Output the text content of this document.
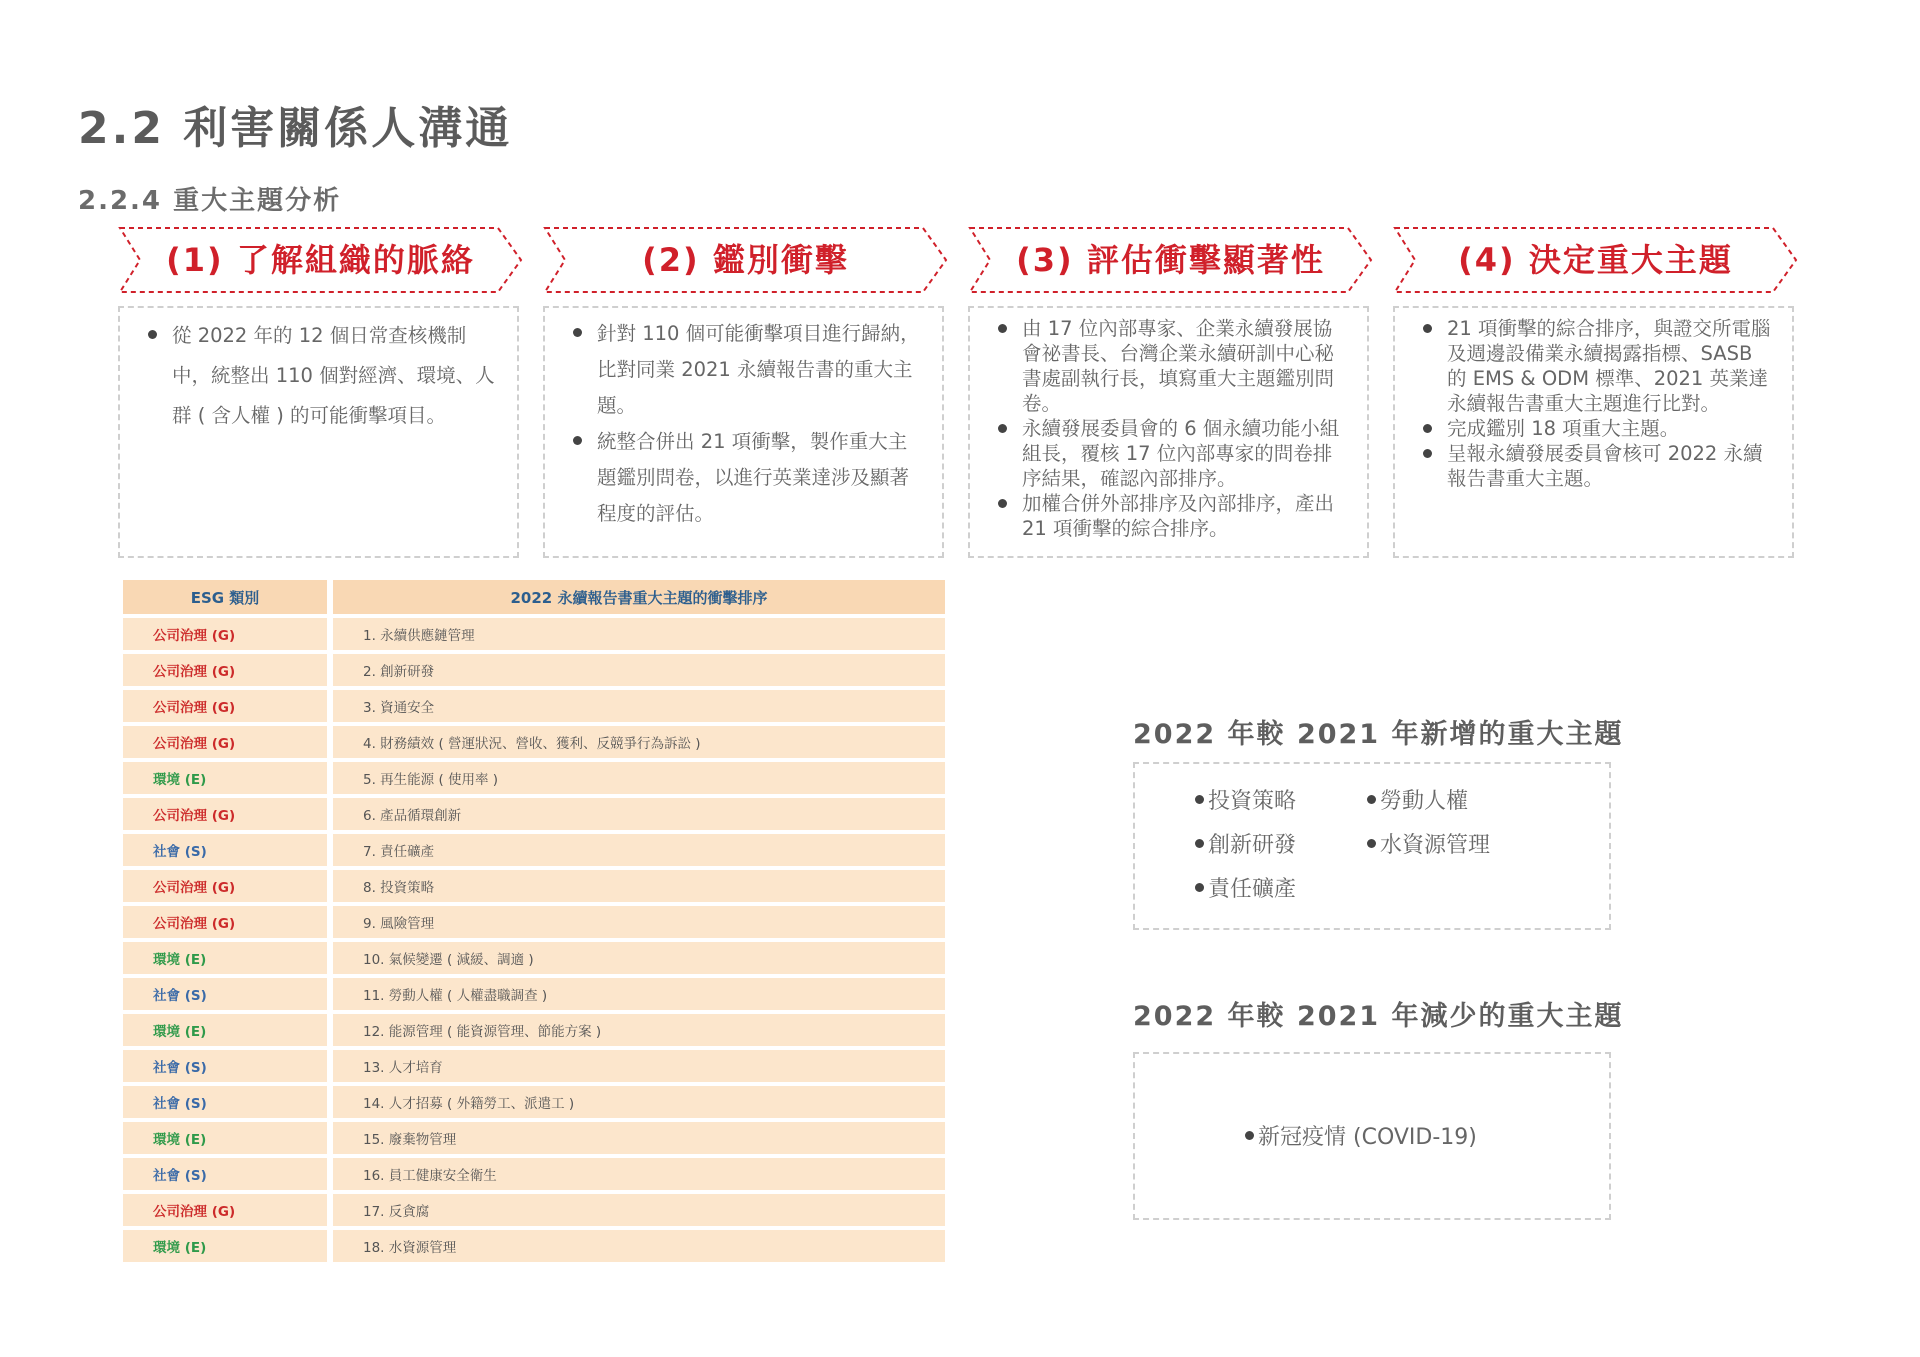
2.2 利害關係人溝通
2.2.4 重大主題分析
(1) 了解組織的脈絡
從 2022 年的 12 個日常查核機制中，統整出 110 個對經濟、環境、人群 ( 含人權 ) 的可能衝擊項目。
(2) 鑑別衝擊
針對 110 個可能衝擊項目進行歸納，比對同業 2021 永續報告書的重大主題。
統整合併出 21 項衝擊，製作重大主題鑑別問卷，以進行英業達涉及顯著程度的評估。
(3) 評估衝擊顯著性
由 17 位內部專家、企業永續發展協會祕書長、台灣企業永續研訓中心秘書處副執行長，填寫重大主題鑑別問卷。
永續發展委員會的 6 個永續功能小組組長，覆核 17 位內部專家的問卷排序結果，確認內部排序。
加權合併外部排序及內部排序，產出 21 項衝擊的綜合排序。
(4) 決定重大主題
21 項衝擊的綜合排序，與證交所電腦及週邊設備業永續揭露指標、SASB 的 EMS & ODM 標準、2021 英業達永續報告書重大主題進行比對。
完成鑑別 18 項重大主題。
呈報永續發展委員會核可 2022 永續報告書重大主題。
ESG 類別		2022 永續報告書重大主題的衝擊排序
公司治理 (G)		1. 永續供應鏈管理
公司治理 (G)		2. 創新研發
公司治理 (G)		3. 資通安全
公司治理 (G)		4. 財務績效 ( 營運狀況、營收、獲利、反競爭行為訴訟 )
環境 (E)		5. 再生能源 ( 使用率 )
公司治理 (G)		6. 產品循環創新
社會 (S)		7. 責任礦產
公司治理 (G)		8. 投資策略
公司治理 (G)		9. 風險管理
環境 (E)		10. 氣候變遷 ( 減緩、調適 )
社會 (S)		11. 勞動人權 ( 人權盡職調查 )
環境 (E)		12. 能源管理 ( 能資源管理、節能方案 )
社會 (S)		13. 人才培育
社會 (S)		14. 人才招募 ( 外籍勞工、派遣工 )
環境 (E)		15. 廢棄物管理
社會 (S)		16. 員工健康安全衛生
公司治理 (G)		17. 反貪腐
環境 (E)		18. 水資源管理
2022 年較 2021 年新增的重大主題
投資策略	勞動人權
創新研發	水資源管理
責任礦產
2022 年較 2021 年減少的重大主題
新冠疫情 (COVID-19)
